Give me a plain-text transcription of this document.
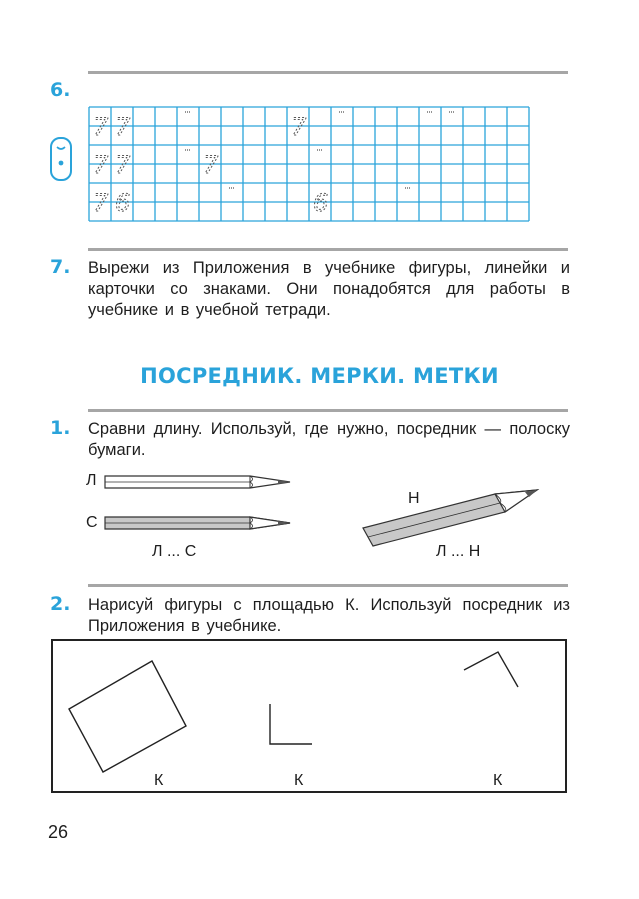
6.
7 7	7
7 7	7
7 6	6
7. Вырежи из Приложения в учебнике фигуры, линейки и карточки со знаками. Они понадобятся для работы в учебнике и в учебной тетради.
ПОСРЕДНИК. МЕРКИ. МЕТКИ
1. Сравни длину. Используй, где нужно, посредник — полоску бумаги.
Л
С
Н
Л ... С	Л ... Н
2. Нарисуй фигуры с площадью К. Используй посредник из Приложения в учебнике.
К	К	К
26
